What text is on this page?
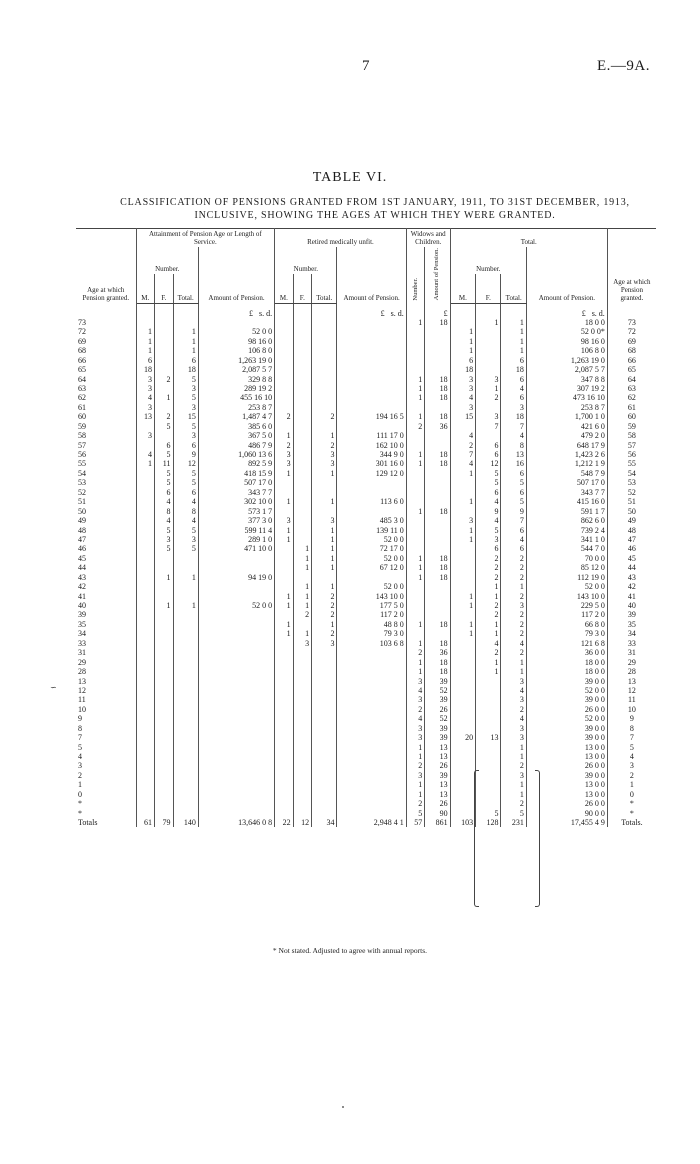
7	E.—9A.
TABLE VI.
CLASSIFICATION OF PENSIONS GRANTED FROM 1ST JANUARY, 1911, TO 31ST DECEMBER, 1913, INCLUSIVE, SHOWING THE AGES AT WHICH THEY WERE GRANTED.
Age at which Pension granted.	Attainment of Pension Age or Length of Service.				Retired medically unfit.				Widows and Children.		Total.				Age at which Pension granted.
	Number.			Amount of Pension.	Number.			Amount of Pension.	Number.	Amount of Pension.	Number.			Amount of Pension.	
	M.	F.	Total.		M.	F.	Total.				M.	F.	Total.		
				£ s. d.				£ s. d.		£				£ s. d.	
73									1	18		1	1	18 0 0	73
72	1		1	52 0 0							1		1	52 0 0*	72
69	1		1	98 16 0							1		1	98 16 0	69
68	1		1	106 8 0							1		1	106 8 0	68
66	6		6	1,263 19 0							6		6	1,263 19 0	66
65	18		18	2,087 5 7							18		18	2,087 5 7	65
64	3	2	5	329 8 8					1	18	3	3	6	347 8 8	64
63	3		3	289 19 2					1	18	3	1	4	307 19 2	63
62	4	1	5	455 16 10					1	18	4	2	6	473 16 10	62
61	3		3	253 8 7							3		3	253 8 7	61
60	13	2	15	1,487 4 7	2		2	194 16 5	1	18	15	3	18	1,700 1 0	60
59		5	5	385 6 0					2	36		7	7	421 6 0	59
58	3		3	367 5 0	1		1	111 17 0			4		4	479 2 0	58
57		6	6	486 7 9	2		2	162 10 0			2	6	8	648 17 9	57
56	4	5	9	1,060 13 6	3		3	344 9 0	1	18	7	6	13	1,423 2 6	56
55	1	11	12	892 5 9	3		3	301 16 0	1	18	4	12	16	1,212 1 9	55
54		5	5	418 15 9	1		1	129 12 0			1	5	6	548 7 9	54
53		5	5	507 17 0								5	5	507 17 0	53
52		6	6	343 7 7								6	6	343 7 7	52
51		4	4	302 10 0	1		1	113 6 0			1	4	5	415 16 0	51
50		8	8	573 1 7					1	18		9	9	591 1 7	50
49		4	4	377 3 0	3		3	485 3 0			3	4	7	862 6 0	49
48		5	5	599 11 4	1		1	139 11 0			1	5	6	739 2 4	48
47		3	3	289 1 0	1		1	52 0 0			1	3	4	341 1 0	47
46		5	5	471 10 0		1	1	72 17 0				6	6	544 7 0	46
45						1	1	52 0 0	1	18		2	2	70 0 0	45
44						1	1	67 12 0	1	18		2	2	85 12 0	44
43		1	1	94 19 0					1	18		2	2	112 19 0	43
42						1	1	52 0 0				1	1	52 0 0	42
41					1	1	2	143 10 0			1	1	2	143 10 0	41
40		1	1	52 0 0	1	1	2	177 5 0			1	2	3	229 5 0	40
39						2	2	117 2 0				2	2	117 2 0	39
35					1		1	48 8 0	1	18	1	1	2	66 8 0	35
34					1	1	2	79 3 0			1	1	2	79 3 0	34
33						3	3	103 6 8	1	18		4	4	121 6 8	33
31									2	36		2	2	36 0 0	31
29									1	18		1	1	18 0 0	29
28									1	18		1	1	18 0 0	28
13									3	39			3	39 0 0	13
12									4	52			4	52 0 0	12
11									3	39			3	39 0 0	11
10									2	26			2	26 0 0	10
9									4	52			4	52 0 0	9
8									3	39			3	39 0 0	8
7									3	39	20	13	3	39 0 0	7
5									1	13			1	13 0 0	5
4									1	13			1	13 0 0	4
3									2	26			2	26 0 0	3
2									3	39			3	39 0 0	2
1									1	13			1	13 0 0	1
0									1	13			1	13 0 0	0
*									2	26			2	26 0 0	*
*									5	90		5	5	90 0 0	*
Totals	61	79	140	13,646 0 8	22	12	34	2,948 4 1	57	861	103	128	231	17,455 4 9	Totals.
∽
* Not stated. Adjusted to agree with annual reports.
